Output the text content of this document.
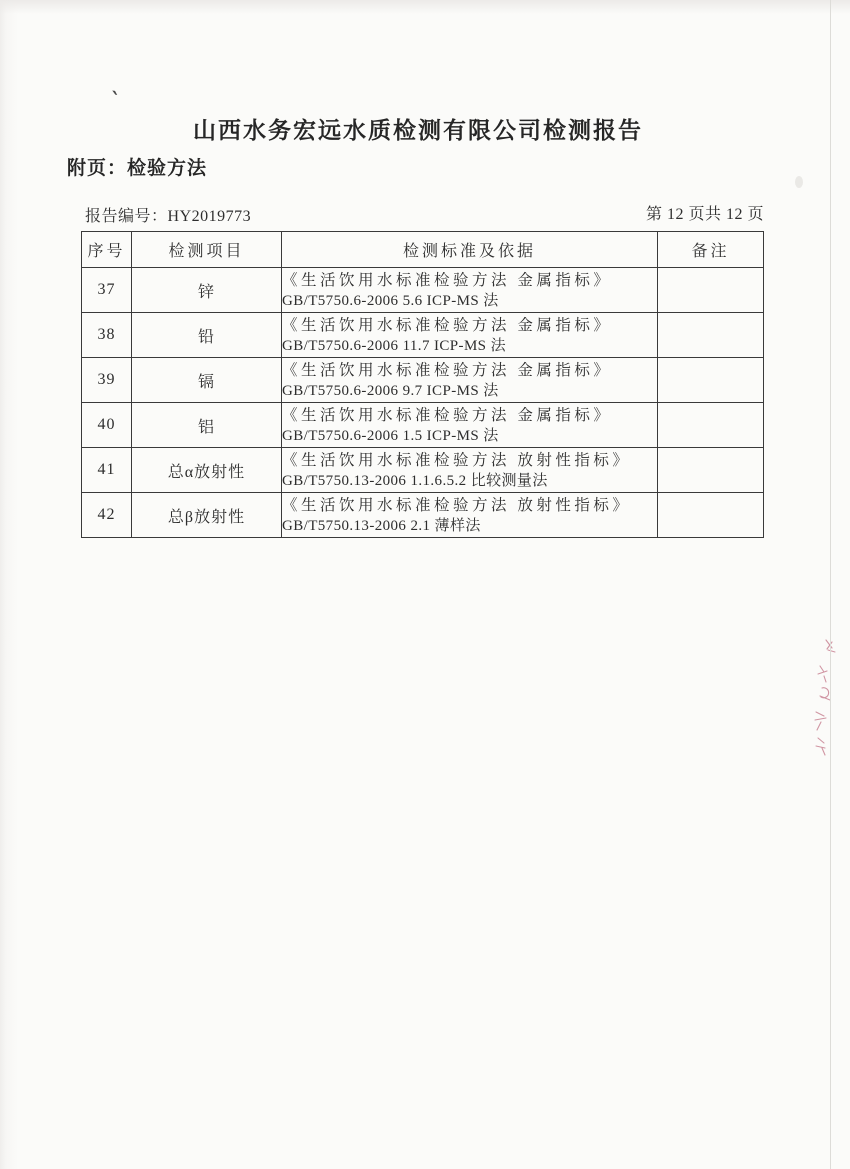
`
山西水务宏远水质检测有限公司检测报告
附页：检验方法
报告编号：HY2019773	第 12 页共 12 页
序号	检测项目	检测标准及依据	备注
37	锌	《生活饮用水标准检验方法 金属指标》
GB/T5750.6-2006 5.6 ICP-MS 法	

38	铅	《生活饮用水标准检验方法 金属指标》
GB/T5750.6-2006 11.7 ICP-MS 法	

39	镉	《生活饮用水标准检验方法 金属指标》
GB/T5750.6-2006 9.7 ICP-MS 法	

40	铝	《生活饮用水标准检验方法 金属指标》
GB/T5750.6-2006 1.5 ICP-MS 法	

41	总α放射性	《生活饮用水标准检验方法 放射性指标》
GB/T5750.13-2006 1.1.6.5.2 比较测量法	

42	总β放射性	《生活饮用水标准检验方法 放射性指标》
GB/T5750.13-2006 2.1 薄样法	
